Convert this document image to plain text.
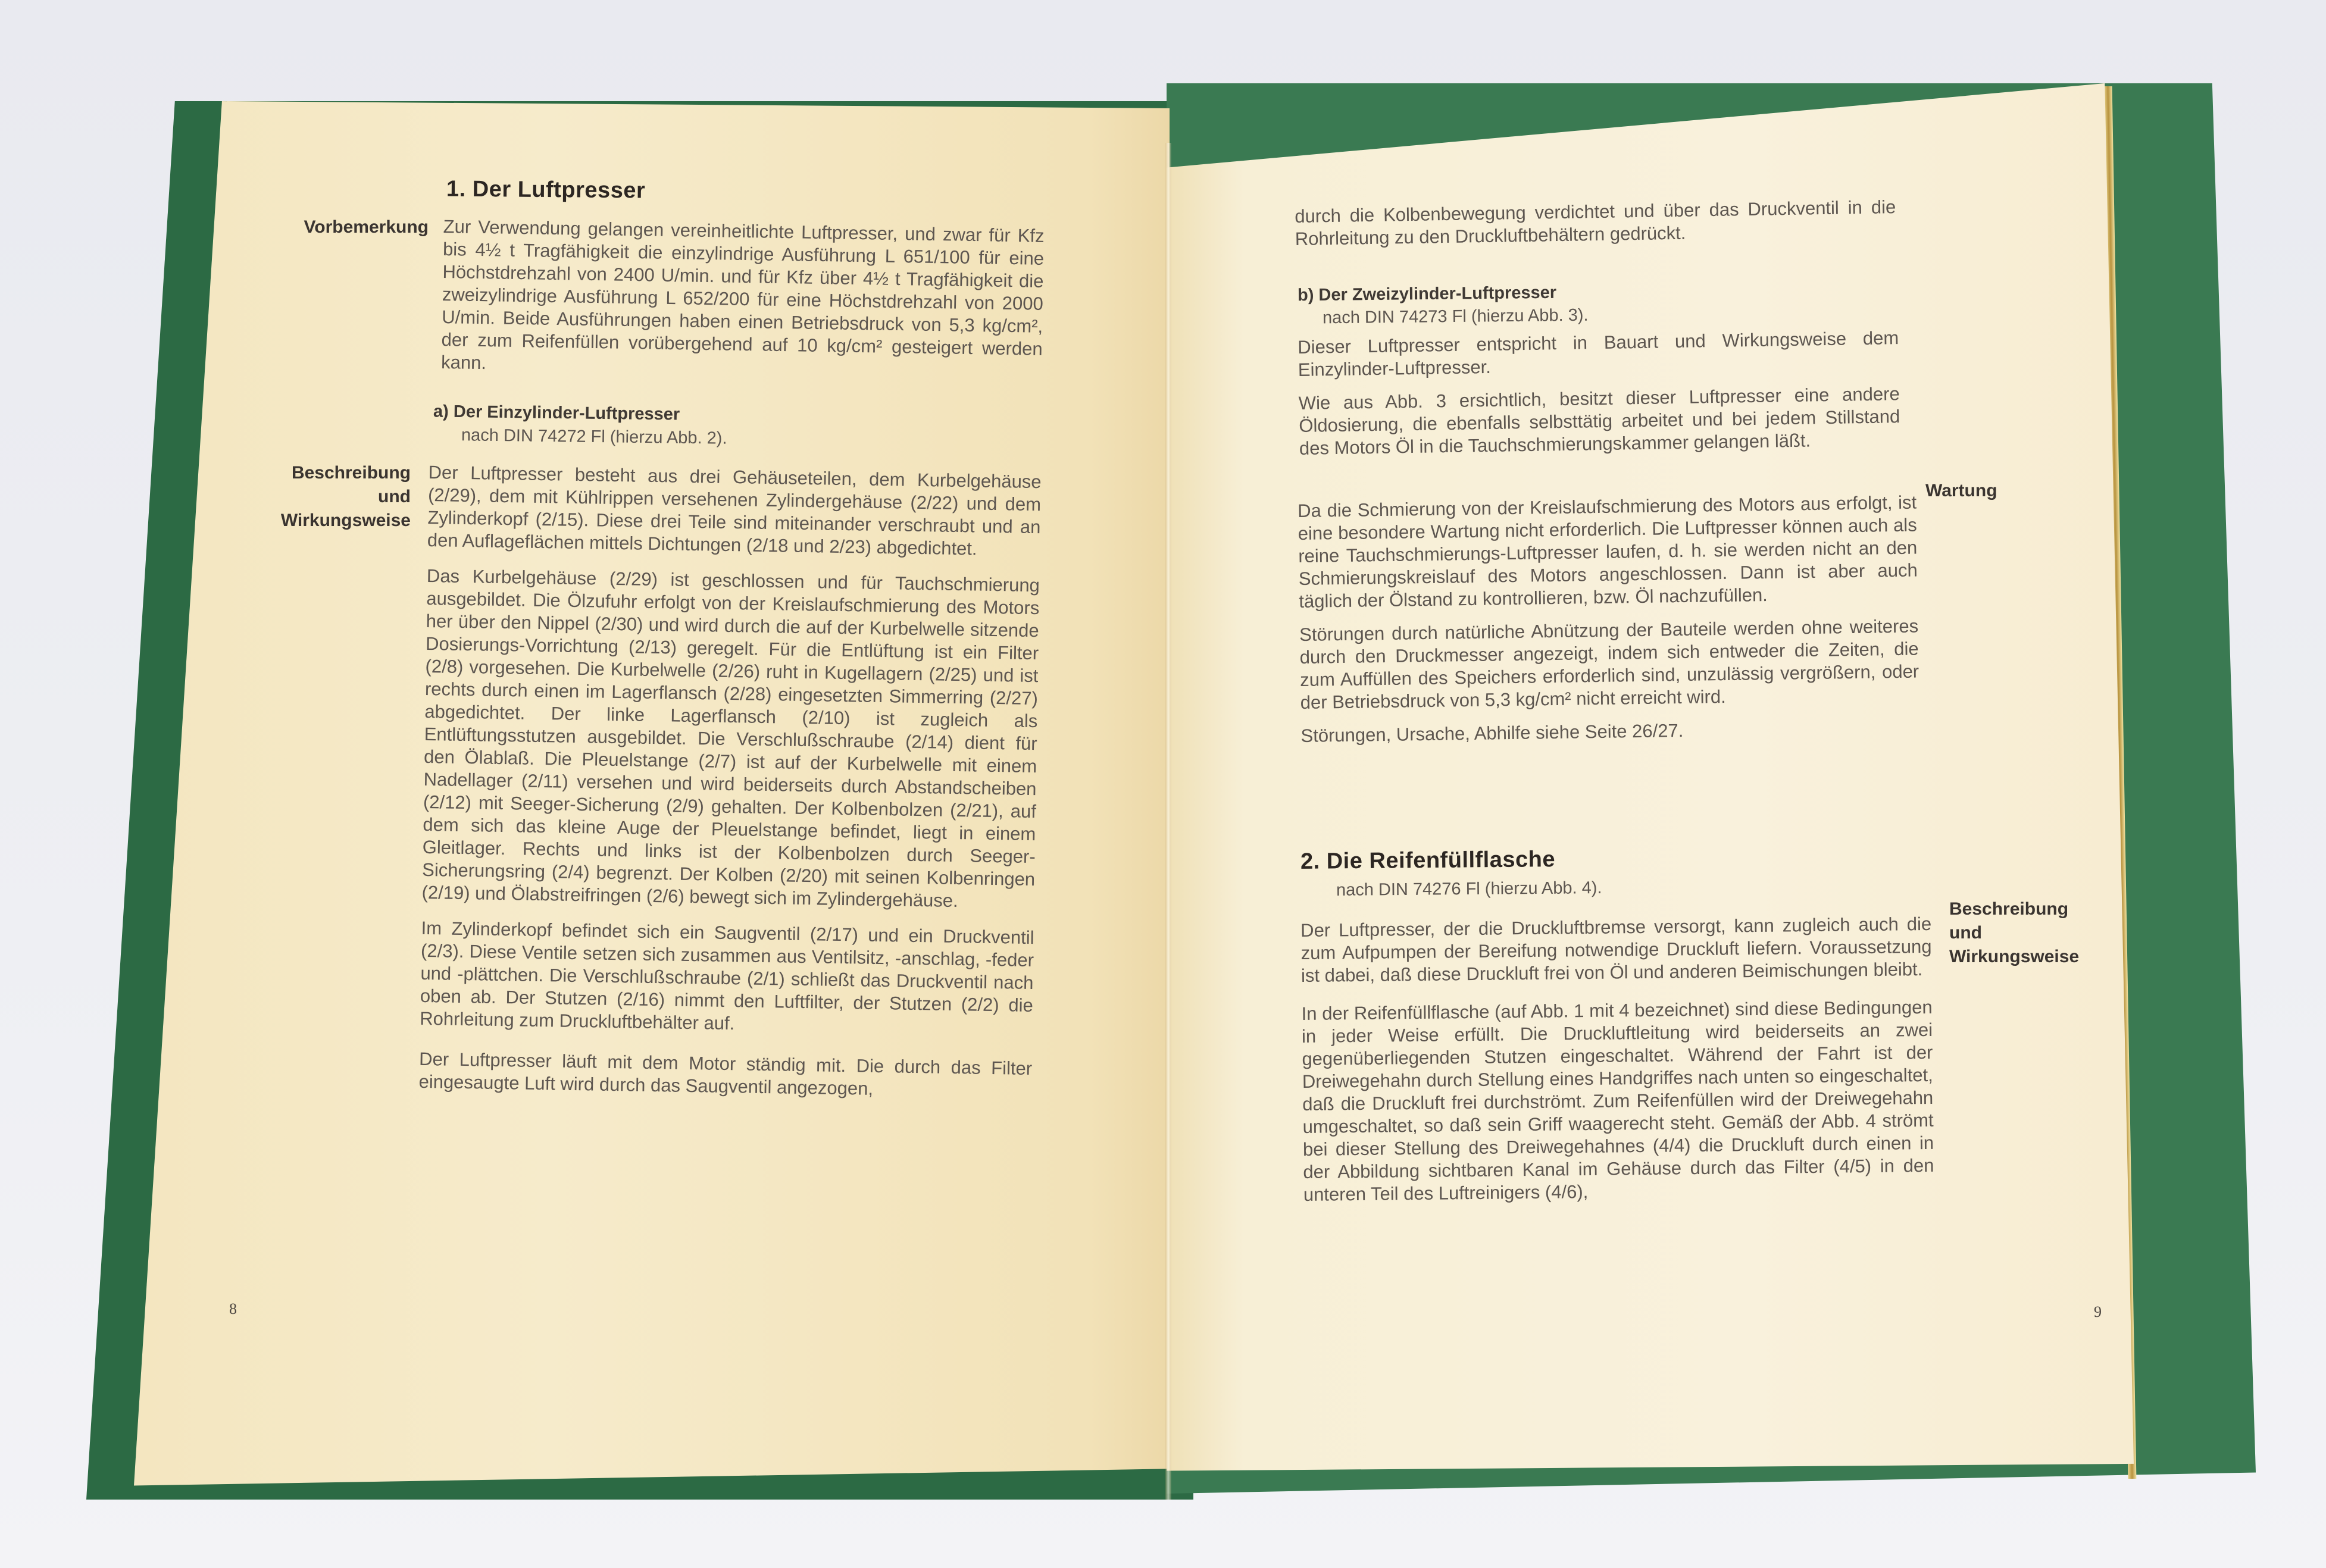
1. Der Luftpresser
Vorbemerkung Zur Verwendung gelangen vereinheitlichte Luftpresser, und zwar für Kfz bis 4½ t Tragfähigkeit die einzylindrige Ausführung L 651/100 für eine Höchstdrehzahl von 2400 U/min. und für Kfz über 4½ t Tragfähigkeit die zweizylindrige Ausführung L 652/200 für eine Höchstdrehzahl von 2000 U/min. Beide Ausführungen haben einen Betriebsdruck von 5,3 kg/cm², der zum Reifenfüllen vorübergehend auf 10 kg/cm² gesteigert werden kann.
a) Der Einzylinder-Luftpresser
nach DIN 74272 Fl (hierzu Abb. 2).
Beschreibung
und
Wirkungsweise

Der Luftpresser besteht aus drei Gehäuseteilen, dem Kurbelgehäuse (2/29), dem mit Kühlrippen versehenen Zylindergehäuse (2/22) und dem Zylinderkopf (2/15). Diese drei Teile sind miteinander verschraubt und an den Auflageflächen mittels Dichtungen (2/18 und 2/23) abgedichtet.

Das Kurbelgehäuse (2/29) ist geschlossen und für Tauchschmierung ausgebildet. Die Ölzufuhr erfolgt von der Kreislaufschmierung des Motors her über den Nippel (2/30) und wird durch die auf der Kurbelwelle sitzende Dosierungs-Vorrichtung (2/13) geregelt. Für die Entlüftung ist ein Filter (2/8) vorgesehen. Die Kurbelwelle (2/26) ruht in Kugellagern (2/25) und ist rechts durch einen im Lagerflansch (2/28) eingesetzten Simmerring (2/27) abgedichtet. Der linke Lagerflansch (2/10) ist zugleich als Entlüftungsstutzen ausgebildet. Die Verschlußschraube (2/14) dient für den Ölablaß. Die Pleuelstange (2/7) ist auf der Kurbelwelle mit einem Nadellager (2/11) versehen und wird beiderseits durch Abstandscheiben (2/12) mit Seeger-Sicherung (2/9) gehalten. Der Kolbenbolzen (2/21), auf dem sich das kleine Auge der Pleuelstange befindet, liegt in einem Gleitlager. Rechts und links ist der Kolbenbolzen durch Seeger-Sicherungsring (2/4) begrenzt. Der Kolben (2/20) mit seinen Kolbenringen (2/19) und Ölabstreifringen (2/6) bewegt sich im Zylindergehäuse.

Im Zylinderkopf befindet sich ein Saugventil (2/17) und ein Druckventil (2/3). Diese Ventile setzen sich zusammen aus Ventilsitz, -anschlag, -feder und -plättchen. Die Verschlußschraube (2/1) schließt das Druckventil nach oben ab. Der Stutzen (2/16) nimmt den Luftfilter, der Stutzen (2/2) die Rohrleitung zum Druckluftbehälter auf.

Der Luftpresser läuft mit dem Motor ständig mit. Die durch das Filter eingesaugte Luft wird durch das Saugventil angezogen,

8
durch die Kolbenbewegung verdichtet und über das Druckventil in die Rohrleitung zu den Druckluftbehältern gedrückt.
b) Der Zweizylinder-Luftpresser
nach DIN 74273 Fl (hierzu Abb. 3).

Dieser Luftpresser entspricht in Bauart und Wirkungsweise dem Einzylinder-Luftpresser.

Wie aus Abb. 3 ersichtlich, besitzt dieser Luftpresser eine andere Öldosierung, die ebenfalls selbsttätig arbeitet und bei jedem Stillstand des Motors Öl in die Tauchschmierungskammer gelangen läßt.

Wartung

Da die Schmierung von der Kreislaufschmierung des Motors aus erfolgt, ist eine besondere Wartung nicht erforderlich. Die Luftpresser können auch als reine Tauchschmierungs-Luftpresser laufen, d. h. sie werden nicht an den Schmierungskreislauf des Motors angeschlossen. Dann ist aber auch täglich der Ölstand zu kontrollieren, bzw. Öl nachzufüllen.

Störungen durch natürliche Abnützung der Bauteile werden ohne weiteres durch den Druckmesser angezeigt, indem sich entweder die Zeiten, die zum Auffüllen des Speichers erforderlich sind, unzulässig vergrößern, oder der Betriebsdruck von 5,3 kg/cm² nicht erreicht wird.

Störungen, Ursache, Abhilfe siehe Seite 26/27.

2. Die Reifenfüllflasche
nach DIN 74276 Fl (hierzu Abb. 4).
Beschreibung
und
Wirkungsweise

Der Luftpresser, der die Druckluftbremse versorgt, kann zugleich auch die zum Aufpumpen der Bereifung notwendige Druckluft liefern. Voraussetzung ist dabei, daß diese Druckluft frei von Öl und anderen Beimischungen bleibt.

In der Reifenfüllflasche (auf Abb. 1 mit 4 bezeichnet) sind diese Bedingungen in jeder Weise erfüllt. Die Druckluftleitung wird beiderseits an zwei gegenüberliegenden Stutzen eingeschaltet. Während der Fahrt ist der Dreiwegehahn durch Stellung eines Handgriffes nach unten so eingeschaltet, daß die Druckluft frei durchströmt. Zum Reifenfüllen wird der Dreiwegehahn umgeschaltet, so daß sein Griff waagerecht steht. Gemäß der Abb. 4 strömt bei dieser Stellung des Dreiwegehahnes (4/4) die Druckluft durch einen in der Abbildung sichtbaren Kanal im Gehäuse durch das Filter (4/5) in den unteren Teil des Luftreinigers (4/6),

9
